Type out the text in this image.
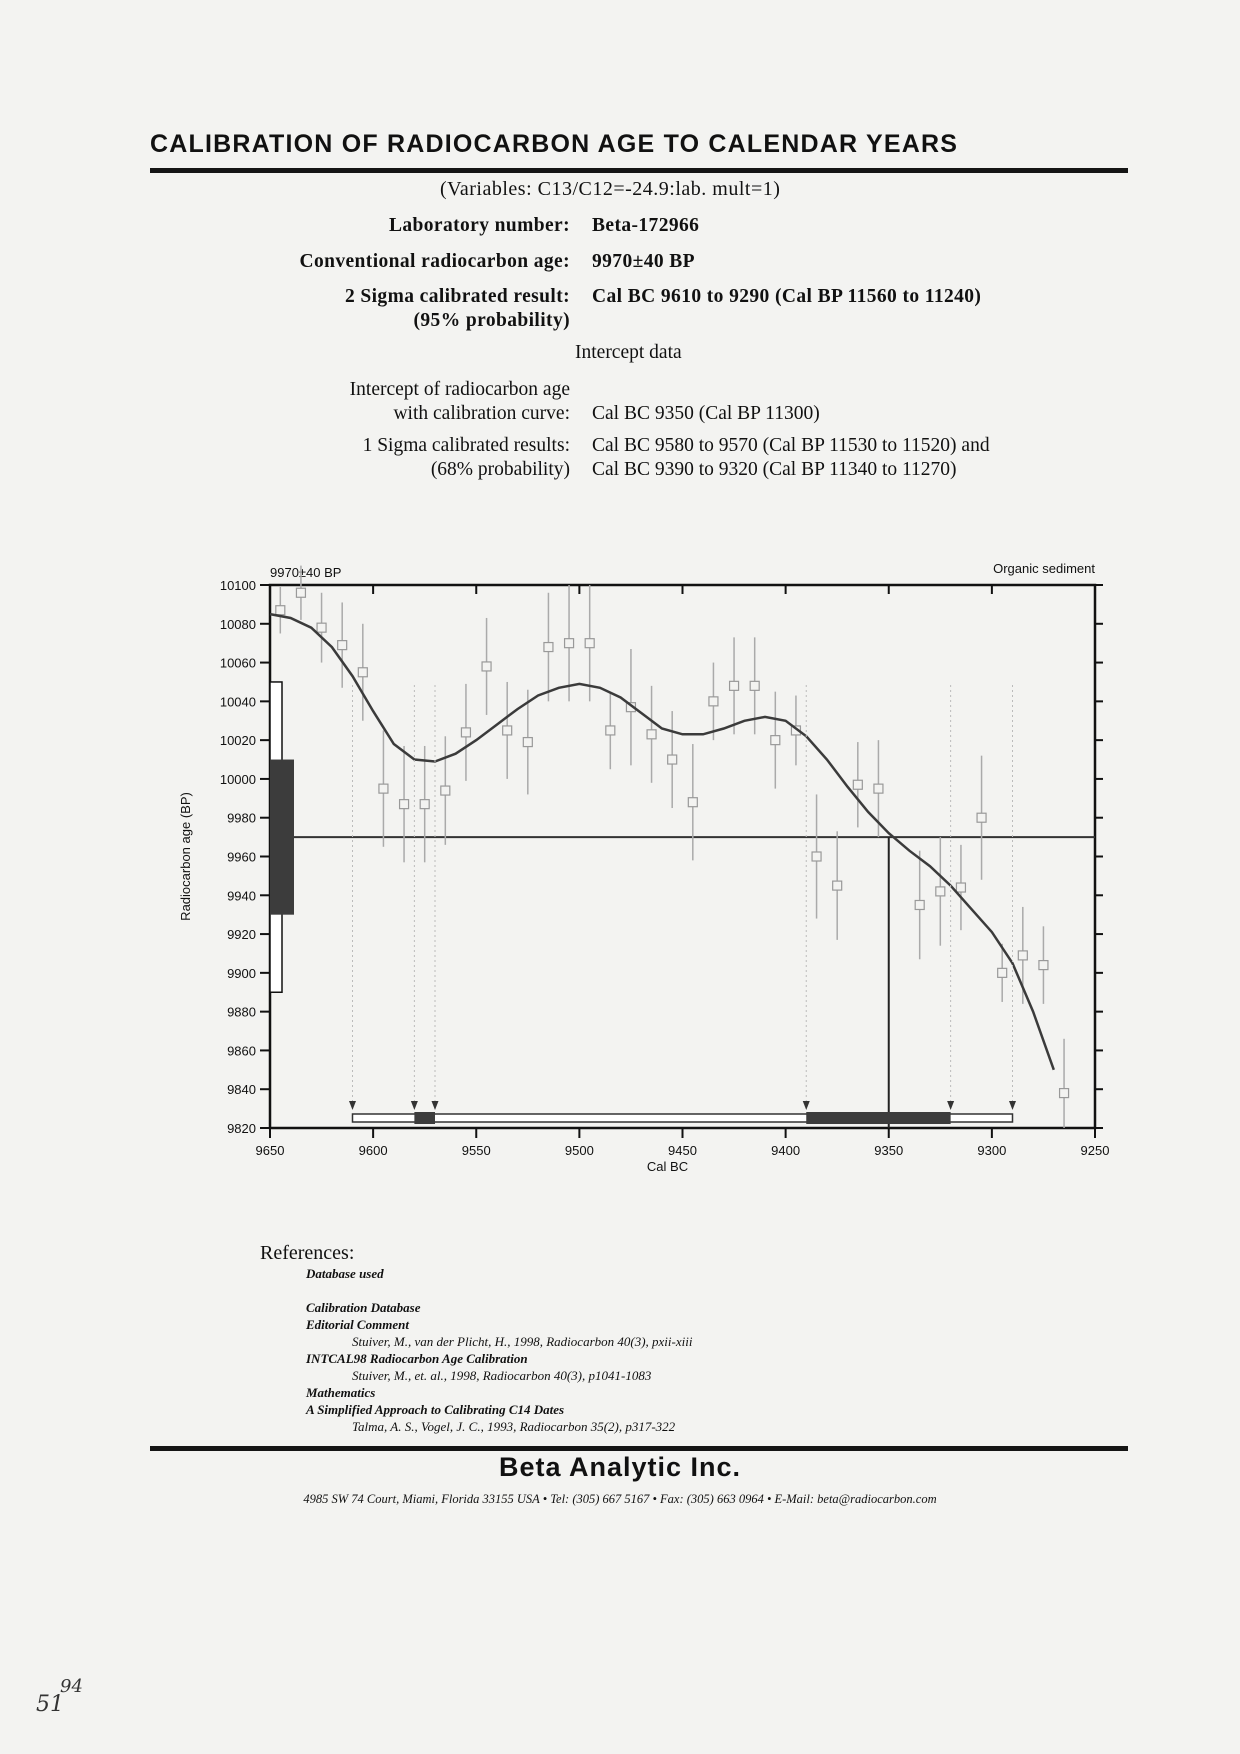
CALIBRATION OF RADIOCARBON AGE TO CALENDAR YEARS

(Variables: C13/C12=-24.9:lab. mult=1)

Laboratory number: Beta-172966
Conventional radiocarbon age: 9970±40 BP
2 Sigma calibrated result:
(95% probability)
Cal BC 9610 to 9290 (Cal BP 11560 to 11240)
Intercept data
Intercept of radiocarbon age
with calibration curve: Cal BC 9350 (Cal BP 11300)
1 Sigma calibrated results:
(68% probability)
Cal BC 9580 to 9570 (Cal BP 11530 to 11520) and
Cal BC 9390 to 9320 (Cal BP 11340 to 11270)
10100
10080
10060
10040
10020
10000
9980
9960
9940
9920
9900
9880
9860
9840
9820
9650	9600	9550	9500	9450	9400	9350	9300	9250
Cal BC
Radiocarbon age (BP)
9970±40 BP	Organic sediment

References:

Database used
Calibration Database
Editorial Comment
Stuiver, M., van der Plicht, H., 1998, Radiocarbon 40(3), pxii-xiii
INTCAL98 Radiocarbon Age Calibration
Stuiver, M., et. al., 1998, Radiocarbon 40(3), p1041-1083
Mathematics
A Simplified Approach to Calibrating C14 Dates
Talma, A. S., Vogel, J. C., 1993, Radiocarbon 35(2), p317-322

Beta Analytic Inc.

4985 SW 74 Court, Miami, Florida 33155 USA • Tel: (305) 667 5167 • Fax: (305) 663 0964 • E-Mail: beta@radiocarbon.com
51
94
